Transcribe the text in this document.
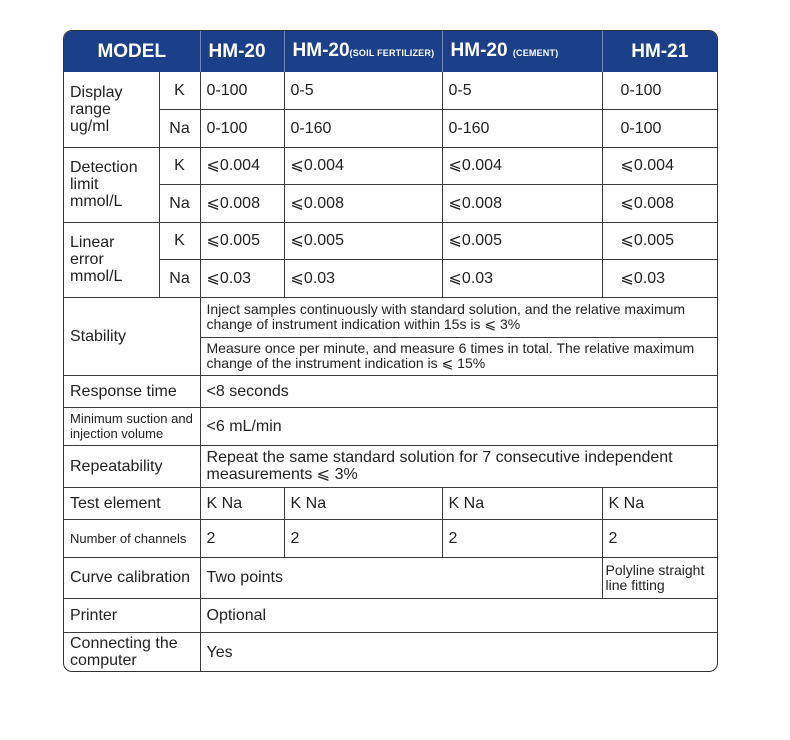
MODEL		HM-20	HM-20(SOIL FERTILIZER)	HM-20 (CEMENT)	HM-21
Display range ug/ml	K	0-100	0-5	0-5	0-100
	Na	0-100	0-160	0-160	0-100
Detection limit mmol/L	K	⩽0.004	⩽0.004	⩽0.004	⩽0.004
	Na	⩽0.008	⩽0.008	⩽0.008	⩽0.008
Linear error mmol/L	K	⩽0.005	⩽0.005	⩽0.005	⩽0.005
	Na	⩽0.03	⩽0.03	⩽0.03	⩽0.03
Stability		Inject samples continuously with standard solution, and the relative maximum change of instrument indication within 15s is ⩽ 3%			
		Measure once per minute, and measure 6 times in total. The relative maximum change of the instrument indication is ⩽ 15%			
Response time		<8 seconds			
Minimum suction and injection volume		<6 mL/min			
Repeatability		Repeat the same standard solution for 7 consecutive independent measurements ⩽ 3%			
Test element		K Na	K Na	K Na	K Na
Number of channels		2	2	2	2
Curve calibration		Two points			Polyline straight line fitting
Printer		Optional			
Connecting the computer		Yes			
